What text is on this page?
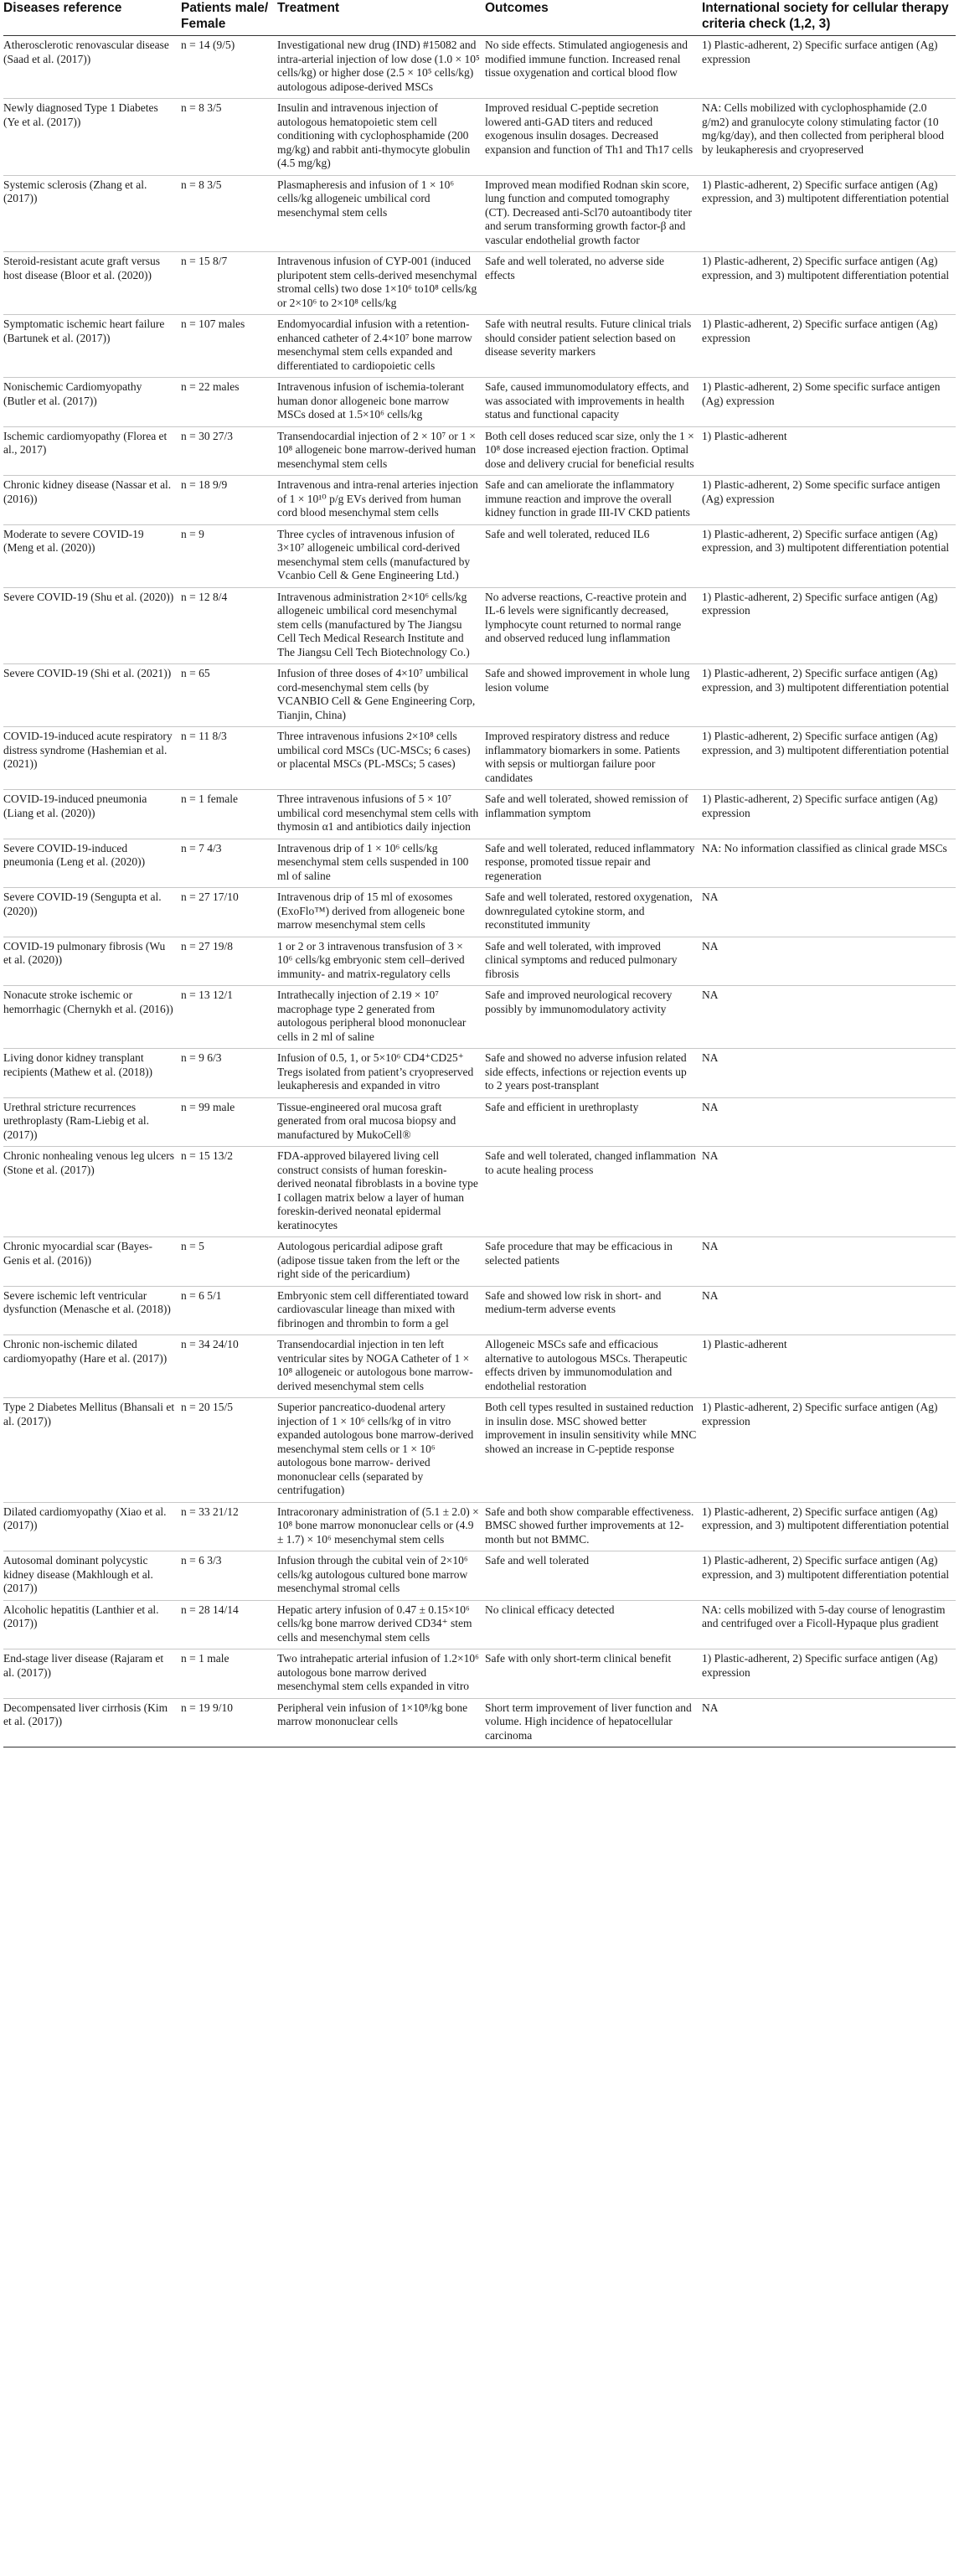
Diseases reference	Patients male/ Female	Treatment	Outcomes	International society for cellular therapy criteria check (1,2, 3)
Atherosclerotic renovascular disease (Saad et al. (2017))	n = 14 (9/5)	Investigational new drug (IND) #15082 and intra-arterial injection of low dose (1.0 × 10⁵ cells/kg) or higher dose (2.5 × 10⁵ cells/kg) autologous adipose-derived MSCs	No side effects. Stimulated angiogenesis and modified immune function. Increased renal tissue oxygenation and cortical blood flow	1) Plastic-adherent, 2) Specific surface antigen (Ag) expression
Newly diagnosed Type 1 Diabetes (Ye et al. (2017))	n = 8 3/5	Insulin and intravenous injection of autologous hematopoietic stem cell conditioning with cyclophosphamide (200 mg/kg) and rabbit anti-thymocyte globulin (4.5 mg/kg)	Improved residual C-peptide secretion lowered anti-GAD titers and reduced exogenous insulin dosages. Decreased expansion and function of Th1 and Th17 cells	NA: Cells mobilized with cyclophosphamide (2.0 g/m2) and granulocyte colony stimulating factor (10 mg/kg/day), and then collected from peripheral blood by leukapheresis and cryopreserved
Systemic sclerosis (Zhang et al. (2017))	n = 8 3/5	Plasmapheresis and infusion of 1 × 10⁶ cells/kg allogeneic umbilical cord mesenchymal stem cells	Improved mean modified Rodnan skin score, lung function and computed tomography (CT). Decreased anti-Scl70 autoantibody titer and serum transforming growth factor-β and vascular endothelial growth factor	1) Plastic-adherent, 2) Specific surface antigen (Ag) expression, and 3) multipotent differentiation potential
Steroid-resistant acute graft versus host disease (Bloor et al. (2020))	n = 15 8/7	Intravenous infusion of CYP-001 (induced pluripotent stem cells-derived mesenchymal stromal cells) two dose 1×10⁶ to10⁸ cells/kg or 2×10⁶ to 2×10⁸ cells/kg	Safe and well tolerated, no adverse side effects	1) Plastic-adherent, 2) Specific surface antigen (Ag) expression, and 3) multipotent differentiation potential
Symptomatic ischemic heart failure (Bartunek et al. (2017))	n = 107 males	Endomyocardial infusion with a retention-enhanced catheter of 2.4×10⁷ bone marrow mesenchymal stem cells expanded and differentiated to cardiopoietic cells	Safe with neutral results. Future clinical trials should consider patient selection based on disease severity markers	1) Plastic-adherent, 2) Specific surface antigen (Ag) expression
Nonischemic Cardiomyopathy (Butler et al. (2017))	n = 22 males	Intravenous infusion of ischemia-tolerant human donor allogeneic bone marrow MSCs dosed at 1.5×10⁶ cells/kg	Safe, caused immunomodulatory effects, and was associated with improvements in health status and functional capacity	1) Plastic-adherent, 2) Some specific surface antigen (Ag) expression
Ischemic cardiomyopathy (Florea et al., 2017)	n = 30 27/3	Transendocardial injection of 2 × 10⁷ or 1 × 10⁸ allogeneic bone marrow-derived human mesenchymal stem cells	Both cell doses reduced scar size, only the 1 × 10⁸ dose increased ejection fraction. Optimal dose and delivery crucial for beneficial results	1) Plastic-adherent
Chronic kidney disease (Nassar et al. (2016))	n = 18 9/9	Intravenous and intra-renal arteries injection of 1 × 10¹⁰ p/g EVs derived from human cord blood mesenchymal stem cells	Safe and can ameliorate the inflammatory immune reaction and improve the overall kidney function in grade III-IV CKD patients	1) Plastic-adherent, 2) Some specific surface antigen (Ag) expression
Moderate to severe COVID-19 (Meng et al. (2020))	n = 9	Three cycles of intravenous infusion of 3×10⁷ allogeneic umbilical cord-derived mesenchymal stem cells (manufactured by Vcanbio Cell & Gene Engineering Ltd.)	Safe and well tolerated, reduced IL6	1) Plastic-adherent, 2) Specific surface antigen (Ag) expression, and 3) multipotent differentiation potential
Severe COVID-19 (Shu et al. (2020))	n = 12 8/4	Intravenous administration 2×10⁶ cells/kg allogeneic umbilical cord mesenchymal stem cells (manufactured by The Jiangsu Cell Tech Medical Research Institute and The Jiangsu Cell Tech Biotechnology Co.)	No adverse reactions, C-reactive protein and IL-6 levels were significantly decreased, lymphocyte count returned to normal range and observed reduced lung inflammation	1) Plastic-adherent, 2) Specific surface antigen (Ag) expression
Severe COVID-19 (Shi et al. (2021))	n = 65	Infusion of three doses of 4×10⁷ umbilical cord-mesenchymal stem cells (by VCANBIO Cell & Gene Engineering Corp, Tianjin, China)	Safe and showed improvement in whole lung lesion volume	1) Plastic-adherent, 2) Specific surface antigen (Ag) expression, and 3) multipotent differentiation potential
COVID-19-induced acute respiratory distress syndrome (Hashemian et al. (2021))	n = 11 8/3	Three intravenous infusions 2×10⁸ cells umbilical cord MSCs (UC-MSCs; 6 cases) or placental MSCs (PL-MSCs; 5 cases)	Improved respiratory distress and reduce inflammatory biomarkers in some. Patients with sepsis or multiorgan failure poor candidates	1) Plastic-adherent, 2) Specific surface antigen (Ag) expression, and 3) multipotent differentiation potential
COVID-19-induced pneumonia (Liang et al. (2020))	n = 1 female	Three intravenous infusions of 5 × 10⁷ umbilical cord mesenchymal stem cells with thymosin α1 and antibiotics daily injection	Safe and well tolerated, showed remission of inflammation symptom	1) Plastic-adherent, 2) Specific surface antigen (Ag) expression
Severe COVID-19-induced pneumonia (Leng et al. (2020))	n = 7 4/3	Intravenous drip of 1 × 10⁶ cells/kg mesenchymal stem cells suspended in 100 ml of saline	Safe and well tolerated, reduced inflammatory response, promoted tissue repair and regeneration	NA: No information classified as clinical grade MSCs
Severe COVID-19 (Sengupta et al. (2020))	n = 27 17/10	Intravenous drip of 15 ml of exosomes (ExoFlo™) derived from allogeneic bone marrow mesenchymal stem cells	Safe and well tolerated, restored oxygenation, downregulated cytokine storm, and reconstituted immunity	NA
COVID-19 pulmonary fibrosis (Wu et al. (2020))	n = 27 19/8	1 or 2 or 3 intravenous transfusion of 3 × 10⁶ cells/kg embryonic stem cell–derived immunity- and matrix-regulatory cells	Safe and well tolerated, with improved clinical symptoms and reduced pulmonary fibrosis	NA
Nonacute stroke ischemic or hemorrhagic (Chernykh et al. (2016))	n = 13 12/1	Intrathecally injection of 2.19 × 10⁷ macrophage type 2 generated from autologous peripheral blood mononuclear cells in 2 ml of saline	Safe and improved neurological recovery possibly by immunomodulatory activity	NA
Living donor kidney transplant recipients (Mathew et al. (2018))	n = 9 6/3	Infusion of 0.5, 1, or 5×10⁶ CD4⁺CD25⁺ Tregs isolated from patient’s cryopreserved leukapheresis and expanded in vitro	Safe and showed no adverse infusion related side effects, infections or rejection events up to 2 years post-transplant	NA
Urethral stricture recurrences urethroplasty (Ram-Liebig et al. (2017))	n = 99 male	Tissue-engineered oral mucosa graft generated from oral mucosa biopsy and manufactured by MukoCell®	Safe and efficient in urethroplasty	NA
Chronic nonhealing venous leg ulcers (Stone et al. (2017))	n = 15 13/2	FDA-approved bilayered living cell construct consists of human foreskin-derived neonatal fibroblasts in a bovine type I collagen matrix below a layer of human foreskin-derived neonatal epidermal keratinocytes	Safe and well tolerated, changed inflammation to acute healing process	NA
Chronic myocardial scar (Bayes-Genis et al. (2016))	n = 5	Autologous pericardial adipose graft (adipose tissue taken from the left or the right side of the pericardium)	Safe procedure that may be efficacious in selected patients	NA
Severe ischemic left ventricular dysfunction (Menasche et al. (2018))	n = 6 5/1	Embryonic stem cell differentiated toward cardiovascular lineage than mixed with fibrinogen and thrombin to form a gel	Safe and showed low risk in short- and medium-term adverse events	NA
Chronic non-ischemic dilated cardiomyopathy (Hare et al. (2017))	n = 34 24/10	Transendocardial injection in ten left ventricular sites by NOGA Catheter of 1 × 10⁸ allogeneic or autologous bone marrow-derived mesenchymal stem cells	Allogeneic MSCs safe and efficacious alternative to autologous MSCs. Therapeutic effects driven by immunomodulation and endothelial restoration	1) Plastic-adherent
Type 2 Diabetes Mellitus (Bhansali et al. (2017))	n = 20 15/5	Superior pancreatico-duodenal artery injection of 1 × 10⁶ cells/kg of in vitro expanded autologous bone marrow-derived mesenchymal stem cells or 1 × 10⁶ autologous bone marrow- derived mononuclear cells (separated by centrifugation)	Both cell types resulted in sustained reduction in insulin dose. MSC showed better improvement in insulin sensitivity while MNC showed an increase in C-peptide response	1) Plastic-adherent, 2) Specific surface antigen (Ag) expression
Dilated cardiomyopathy (Xiao et al. (2017))	n = 33 21/12	Intracoronary administration of (5.1 ± 2.0) × 10⁸ bone marrow mononuclear cells or (4.9 ± 1.7) × 10⁶ mesenchymal stem cells	Safe and both show comparable effectiveness. BMSC showed further improvements at 12-month but not BMMC.	1) Plastic-adherent, 2) Specific surface antigen (Ag) expression, and 3) multipotent differentiation potential
Autosomal dominant polycystic kidney disease (Makhlough et al. (2017))	n = 6 3/3	Infusion through the cubital vein of 2×10⁶ cells/kg autologous cultured bone marrow mesenchymal stromal cells	Safe and well tolerated	1) Plastic-adherent, 2) Specific surface antigen (Ag) expression, and 3) multipotent differentiation potential
Alcoholic hepatitis (Lanthier et al. (2017))	n = 28 14/14	Hepatic artery infusion of 0.47 ± 0.15×10⁶ cells/kg bone marrow derived CD34⁺ stem cells and mesenchymal stem cells	No clinical efficacy detected	NA: cells mobilized with 5-day course of lenograstim and centrifuged over a Ficoll-Hypaque plus gradient
End-stage liver disease (Rajaram et al. (2017))	n = 1 male	Two intrahepatic arterial infusion of 1.2×10⁶ autologous bone marrow derived mesenchymal stem cells expanded in vitro	Safe with only short-term clinical benefit	1) Plastic-adherent, 2) Specific surface antigen (Ag) expression
Decompensated liver cirrhosis (Kim et al. (2017))	n = 19 9/10	Peripheral vein infusion of 1×10⁸/kg bone marrow mononuclear cells	Short term improvement of liver function and volume. High incidence of hepatocellular carcinoma	NA
